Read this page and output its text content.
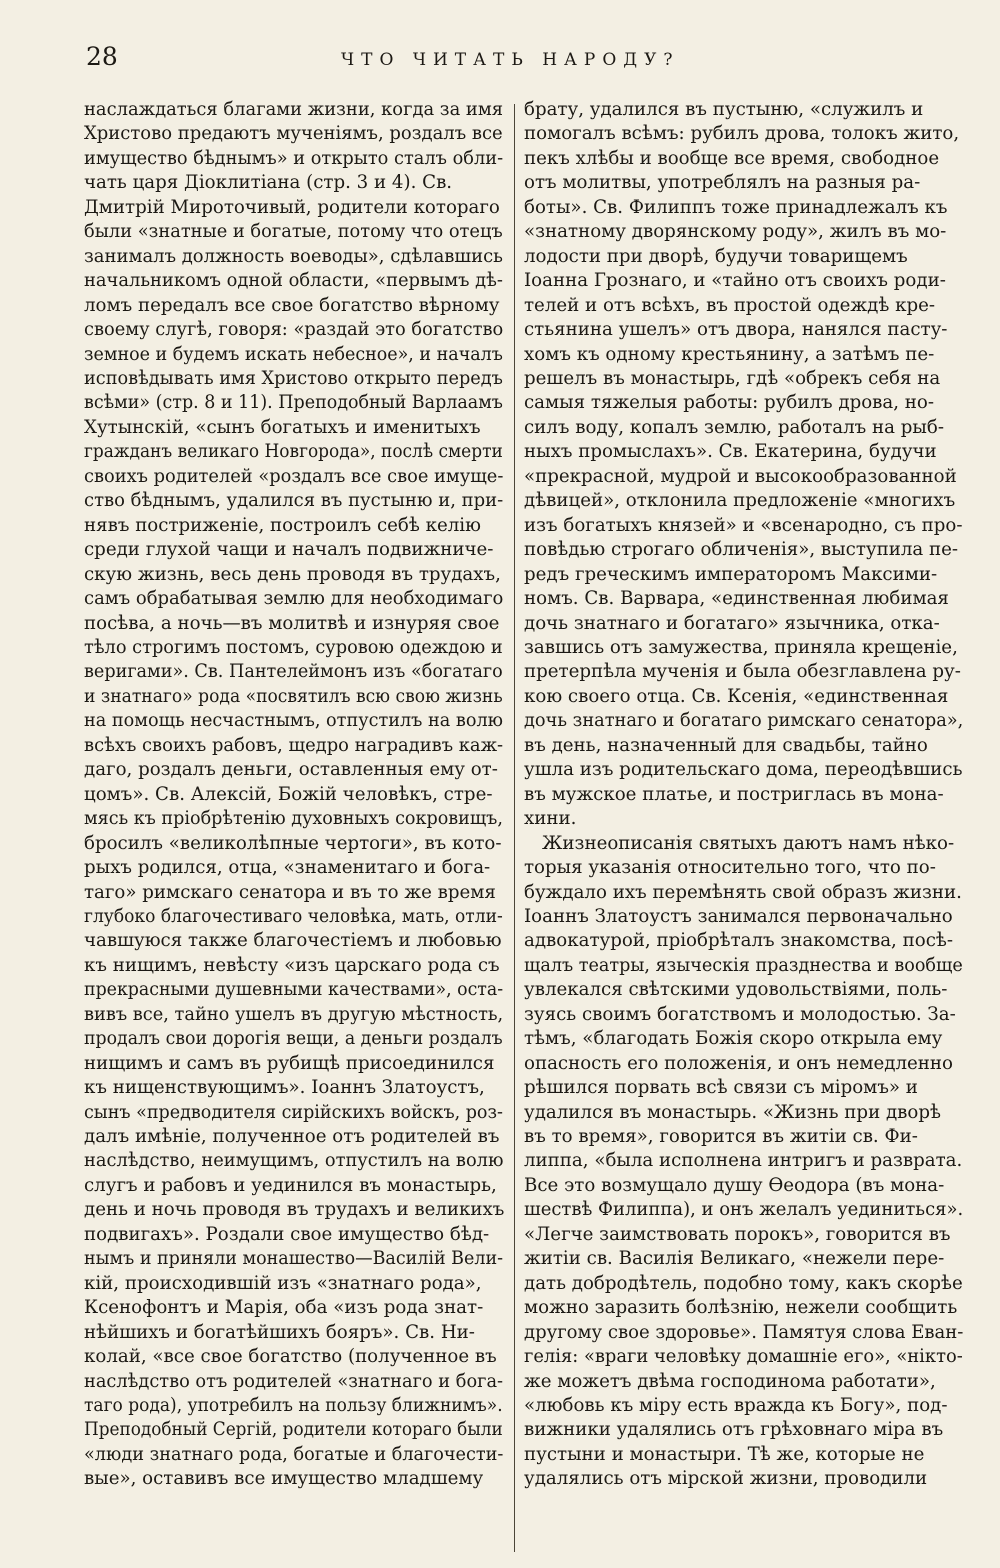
28	ЧТО ЧИТАТЬ НАРОДУ?
наслаждаться благами жизни, когда за имя
Христово предаютъ мученiямъ, роздалъ все
имущество бѣднымъ» и открыто сталъ обли-
чать царя Дiоклитiана (стр. 3 и 4). Св.
Дмитрiй Мироточивый, родители котораго
были «знатные и богатые, потому что отецъ
занималъ должность воеводы», сдѣлавшись
начальникомъ одной области, «первымъ дѣ-
ломъ передалъ все свое богатство вѣрному
своему слугѣ, говоря: «раздай это богатство
земное и будемъ искать небесное», и началъ
исповѣдывать имя Христово открыто передъ
всѣми» (стр. 8 и 11). Преподобный Варлаамъ
Хутынскiй, «сынъ богатыхъ и именитыхъ
гражданъ великаго Новгорода», послѣ смерти
своихъ родителей «роздалъ все свое имуще-
ство бѣднымъ, удалился въ пустыню и, при-
нявъ постриженiе, построилъ себѣ келiю
среди глухой чащи и началъ подвижниче-
скую жизнь, весь день проводя въ трудахъ,
самъ обрабатывая землю для необходимаго
посѣва, а ночь—въ молитвѣ и изнуряя свое
тѣло строгимъ постомъ, суровою одеждою и
веригами». Св. Пантелеймонъ изъ «богатаго
и знатнаго» рода «посвятилъ всю свою жизнь
на помощь несчастнымъ, отпустилъ на волю
всѣхъ своихъ рабовъ, щедро наградивъ каж-
даго, роздалъ деньги, оставленныя ему от-
цомъ». Св. Алексiй, Божiй человѣкъ, стре-
мясь къ прiобрѣтенiю духовныхъ сокровищъ,
бросилъ «великолѣпные чертоги», въ кото-
рыхъ родился, отца, «знаменитаго и бога-
таго» римскаго сенатора и въ то же время
глубоко благочестиваго человѣка, мать, отли-
чавшуюся также благочестiемъ и любовью
къ нищимъ, невѣсту «изъ царскаго рода съ
прекрасными душевными качествами», оста-
вивъ все, тайно ушелъ въ другую мѣстность,
продалъ свои дорогiя вещи, а деньги роздалъ
нищимъ и самъ въ рубищѣ присоединился
къ нищенствующимъ». Iоаннъ Златоустъ,
сынъ «предводителя сирiйскихъ войскъ, роз-
далъ имѣнiе, полученное отъ родителей въ
наслѣдство, неимущимъ, отпустилъ на волю
слугъ и рабовъ и уединился въ монастырь,
день и ночь проводя въ трудахъ и великихъ
подвигахъ». Роздали свое имущество бѣд-
нымъ и приняли монашество—Василiй Вели-
кiй, происходившiй изъ «знатнаго рода»,
Ксенофонтъ и Марiя, оба «изъ рода знат-
нѣйшихъ и богатѣйшихъ бояръ». Св. Ни-
колай, «все свое богатство (полученное въ
наслѣдство отъ родителей «знатнаго и бога-
таго рода), употребилъ на пользу ближнимъ».
Преподобный Сергiй, родители котораго были
«люди знатнаго рода, богатые и благочести-
вые», оставивъ все имущество младшему
брату, удалился въ пустыню, «служилъ и
помогалъ всѣмъ: рубилъ дрова, толокъ жито,
пекъ хлѣбы и вообще все время, свободное
отъ молитвы, употреблялъ на разныя ра-
боты». Св. Филиппъ тоже принадлежалъ къ
«знатному дворянскому роду», жилъ въ мо-
лодости при дворѣ, будучи товарищемъ
Iоанна Грознаго, и «тайно отъ своихъ роди-
телей и отъ всѣхъ, въ простой одеждѣ кре-
стьянина ушелъ» отъ двора, нанялся пасту-
хомъ къ одному крестьянину, а затѣмъ пе-
решелъ въ монастырь, гдѣ «обрекъ себя на
самыя тяжелыя работы: рубилъ дрова, но-
силъ воду, копалъ землю, работалъ на рыб-
ныхъ промыслахъ». Св. Екатерина, будучи
«прекрасной, мудрой и высокообразованной
дѣвицей», отклонила предложенiе «многихъ
изъ богатыхъ князей» и «всенародно, съ про-
повѣдью строгаго обличенiя», выступила пе-
редъ греческимъ императоромъ Максими-
номъ. Св. Варвара, «единственная любимая
дочь знатнаго и богатаго» язычника, отка-
завшись отъ замужества, приняла крещенiе,
претерпѣла мученiя и была обезглавлена ру-
кою своего отца. Св. Ксенiя, «единственная
дочь знатнаго и богатаго римскаго сенатора»,
въ день, назначенный для свадьбы, тайно
ушла изъ родительскаго дома, переодѣвшись
въ мужское платье, и постриглась въ мона-
хини.
Жизнеописанiя святыхъ даютъ намъ нѣко-
торыя указанiя относительно того, что по-
буждало ихъ перемѣнять свой образъ жизни.
Iоаннъ Златоустъ занимался первоначально
адвокатурой, прiобрѣталъ знакомства, посѣ-
щалъ театры, языческiя празднества и вообще
увлекался свѣтскими удовольствiями, поль-
зуясь своимъ богатствомъ и молодостью. За-
тѣмъ, «благодать Божiя скоро открыла ему
опасность его положенiя, и онъ немедленно
рѣшился порвать всѣ связи съ мiромъ» и
удалился въ монастырь. «Жизнь при дворѣ
въ то время», говорится въ житiи св. Фи-
липпа, «была исполнена интригъ и разврата.
Все это возмущало душу Ѳеодора (въ мона-
шествѣ Филиппа), и онъ желалъ уединиться».
«Легче заимствовать порокъ», говорится въ
житiи св. Василiя Великаго, «нежели пере-
дать добродѣтель, подобно тому, какъ скорѣе
можно заразить болѣзнiю, нежели сообщить
другому свое здоровье». Памятуя слова Еван-
гелiя: «враги человѣку домашнiе его», «нікто-
же можетъ двѣма господинома работати»,
«любовь къ мiру есть вражда къ Богу», под-
вижники удалялись отъ грѣховнаго мiра въ
пустыни и монастыри. Тѣ же, которые не
удалялись отъ мiрской жизни, проводили
